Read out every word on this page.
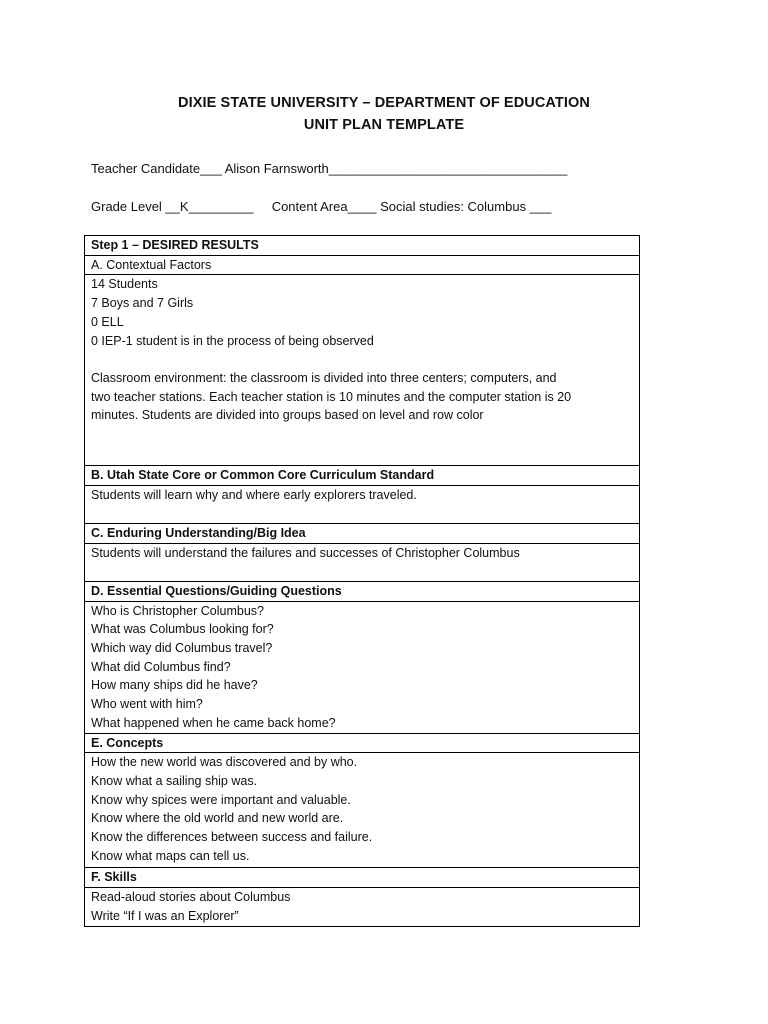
DIXIE STATE UNIVERSITY – DEPARTMENT OF EDUCATION
UNIT PLAN TEMPLATE
Teacher Candidate___ Alison Farnsworth_________________________________
Grade Level __K_________     Content Area____ Social studies: Columbus ___
Step 1 – DESIRED RESULTS
A. Contextual Factors

14 Students
7 Boys and 7 Girls
0 ELL
0 IEP-1 student is in the process of being observed
Classroom environment: the classroom is divided into three centers; computers, and
two teacher stations. Each teacher station is 10 minutes and the computer station is 20
minutes. Students are divided into groups based on level and row color

B. Utah State Core or Common Core Curriculum Standard

Students will learn why and where early explorers traveled.

C. Enduring Understanding/Big Idea

Students will understand the failures and successes of Christopher Columbus

D. Essential Questions/Guiding Questions

Who is Christopher Columbus?
What was Columbus looking for?
Which way did Columbus travel?
What did Columbus find?
How many ships did he have?
Who went with him?
What happened when he came back home?

E. Concepts

How the new world was discovered and by who.
Know what a sailing ship was.
Know why spices were important and valuable.
Know where the old world and new world are.
Know the differences between success and failure.
Know what maps can tell us.

F. Skills

Read-aloud stories about Columbus
Write “If I was an Explorer”
